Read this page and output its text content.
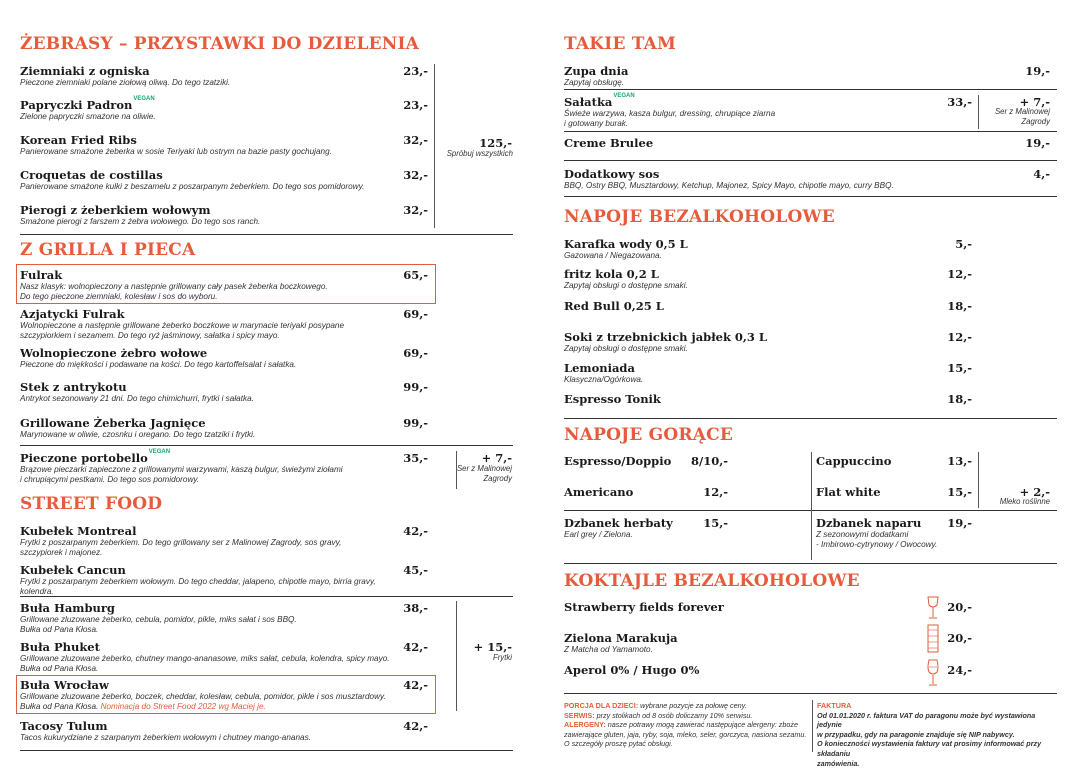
ŻEBRASY – PRZYSTAWKI DO DZIELENIA
Ziemniaki z ogniska
Pieczone ziemniaki polane ziołową oliwą. Do tego tzatziki.
23,-
Papryczki Padron$^{VEGAN}$
Zielone papryczki smażone na oliwie.
23,-
Korean Fried Ribs
Panierowane smażone żeberka w sosie Teriyaki lub ostrym na bazie pasty gochujang.
32,-
Croquetas de costillas
Panierowane smażone kulki z beszamelu z poszarpanym żeberkiem. Do tego sos pomidorowy.
32,-
Pierogi z żeberkiem wołowym
Smażone pierogi z farszem z żebra wołowego. Do tego sos ranch.
32,-
125,-
Spróbuj wszystkich
Z GRILLA I PIECA
Fulrak
Nasz klasyk: wolnopieczony a następnie grillowany cały pasek żeberka boczkowego.
Do tego pieczone ziemniaki, kolesław i sos do wyboru.
65,-
Azjatycki Fulrak
Wolnopieczone a następnie grillowane żeberko boczkowe w marynacie teriyaki posypane
szczypiorkiem i sezamem. Do tego ryż jaśminowy, sałatka i spicy mayo.
69,-
Wolnopieczone żebro wołowe
Pieczone do miękkości i podawane na kości. Do tego kartoffelsalat i sałatka.
69,-
Stek z antrykotu
Antrykot sezonowany 21 dni. Do tego chimichurri, frytki i sałatka.
99,-
Grillowane Żeberka Jagnięce
Marynowane w oliwie, czosnku i oregano. Do tego tzatziki i frytki.
99,-
Pieczone portobello$^{VEGAN}$
Brązowe pieczarki zapieczone z grillowanymi warzywami, kaszą bulgur, świeżymi ziołami
i chrupiącymi pestkami. Do tego sos pomidorowy.
35,-	+ 7,-
Ser z Malinowej
Zagrody
STREET FOOD
Kubełek Montreal
Frytki z poszarpanym żeberkiem. Do tego grillowany ser z Malinowej Zagrody, sos gravy,
szczypiorek i majonez.
42,-
Kubełek Cancun
Frytki z poszarpanym żeberkiem wołowym. Do tego cheddar, jalapeno, chipotle mayo, birria gravy,
kolendra.
45,-
Buła Hamburg
Grillowane zluzowane żeberko, cebula, pomidor, pikle, miks sałat i sos BBQ.
Bułka od Pana Kłosa.
38,-
Buła Phuket
Grillowane zluzowane żeberko, chutney mango-ananasowe, miks sałat, cebula, kolendra, spicy mayo.
Bułka od Pana Kłosa.
42,-	+ 15,-
Frytki
Buła Wrocław
Grillowane zluzowane żeberko, boczek, cheddar, kolesław, cebula, pomidor, pikle i sos musztardowy.
Bułka od Pana Kłosa. Nominacja do Street Food 2022 wg Maciej je.
42,-
Tacosy Tulum
Tacos kukurydziane z szarpanym żeberkiem wołowym i chutney mango-ananas.
42,-
TAKIE TAM
Zupa dnia
Zapytaj obsługę.
19,-
Sałatka$^{VEGAN}$
Świeże warzywa, kasza bulgur, dressing, chrupiące ziarna
i gotowany burak.
33,-	+ 7,-
Ser z Malinowej
Zagrody
Creme Brulee	19,-
Dodatkowy sos
BBQ, Ostry BBQ, Musztardowy, Ketchup, Majonez, Spicy Mayo, chipotle mayo, curry BBQ.
4,-
NAPOJE BEZALKOHOLOWE
Karafka wody 0,5 L
Gazowana / Niegazowana.
5,-
fritz kola 0,2 L
Zapytaj obsługi o dostępne smaki.
12,-
Red Bull 0,25 L	18,-
Soki z trzebnickich jabłek 0,3 L
Zapytaj obsługi o dostępne smaki.
12,-
Lemoniada
Klasyczna/Ogórkowa.
15,-
Espresso Tonik	18,-
NAPOJE GORĄCE
Espresso/Doppio	8/10,-
Americano	12,-
Dzbanek herbaty
Earl grey / Zielona.
15,-
Cappuccino	13,-
Flat white	15,-	+ 2,-
Mleko roślinne
Dzbanek naparu
Z sezonowymi dodatkami
- Imbirowo-cytrynowy / Owocowy.
19,-
KOKTAJLE BEZALKOHOLOWE
Strawberry fields forever	20,-
Zielona Marakuja
Z Matcha od Yamamoto.
20,-
Aperol 0% / Hugo 0%	24,-
PORCJA DLA DZIECI: wybrane pozycje za połowę ceny.
SERWIS: przy stolikach od 8 osób doliczamy 10% serwisu.
ALERGENY: nasze potrawy mogą zawierać następujące alergeny: zboże
zawierające gluten, jaja, ryby, soja, mleko, seler, gorczyca, nasiona sezamu.
O szczegóły proszę pytać obsługi.
FAKTURA
Od 01.01.2020 r. faktura VAT do paragonu może być wystawiona jedynie
w przypadku, gdy na paragonie znajduje się NIP nabywcy.
O konieczności wystawienia faktury vat prosimy informować przy składaniu
zamówienia.
